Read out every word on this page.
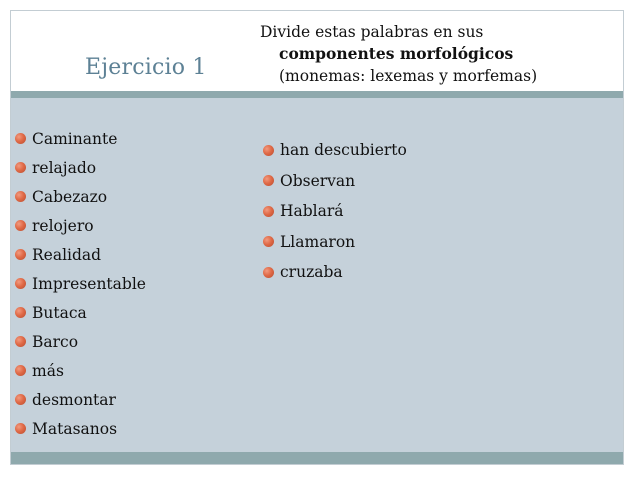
Ejercicio 1
Divide estas palabras en sus
componentes morfológicos
(monemas: lexemas y morfemas)
Caminante
relajado
Cabezazo
relojero
Realidad
Impresentable
Butaca
Barco
más
desmontar
Matasanos
han descubierto
Observan
Hablará
Llamaron
cruzaba
